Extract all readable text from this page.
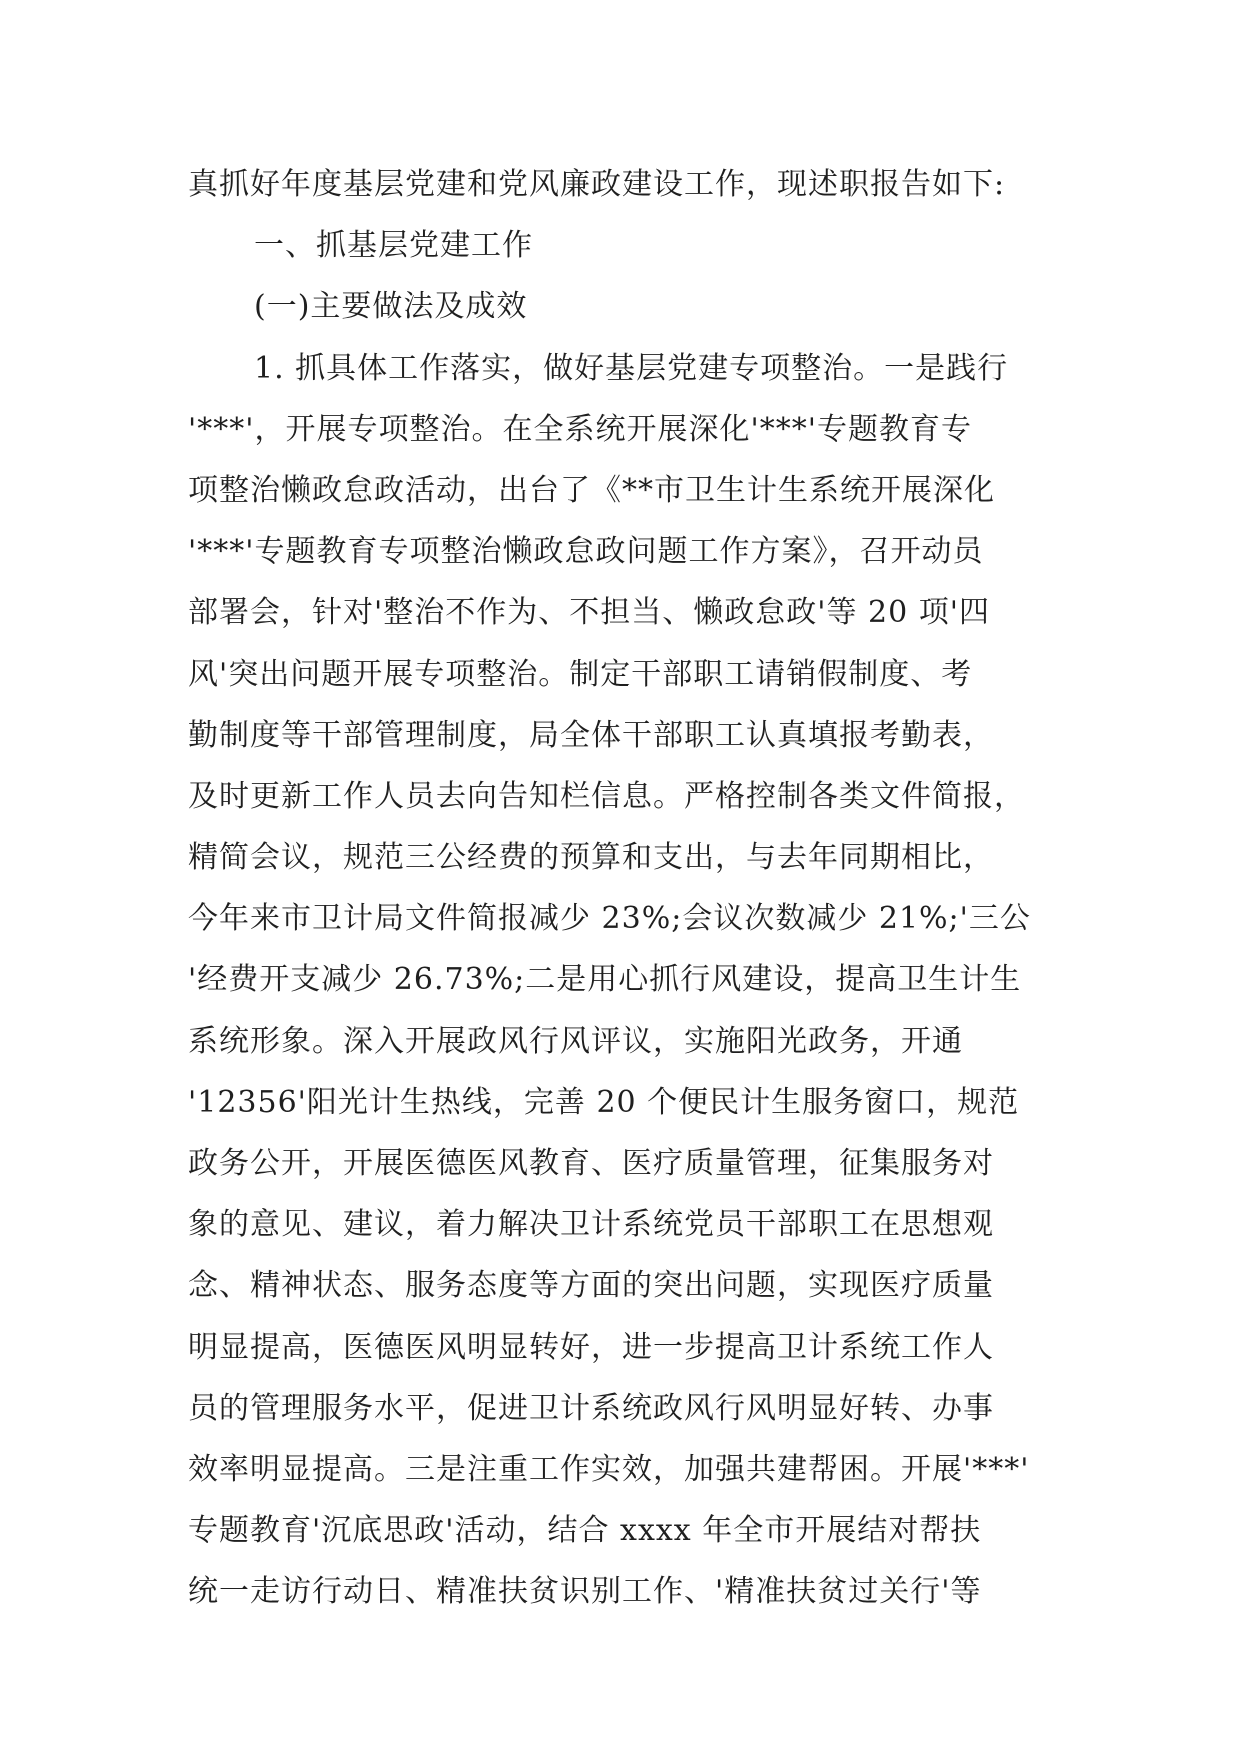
真抓好年度基层党建和党风廉政建设工作，现述职报告如下:
一、抓基层党建工作
(一)主要做法及成效
1. 抓具体工作落实，做好基层党建专项整治。一是践行
'***'，开展专项整治。在全系统开展深化'***'专题教育专
项整治懒政怠政活动，出台了《**市卫生计生系统开展深化
'***'专题教育专项整治懒政怠政问题工作方案》，召开动员
部署会，针对'整治不作为、不担当、懒政怠政'等 20 项'四
风'突出问题开展专项整治。制定干部职工请销假制度、考
勤制度等干部管理制度，局全体干部职工认真填报考勤表，
及时更新工作人员去向告知栏信息。严格控制各类文件简报，
精简会议，规范三公经费的预算和支出，与去年同期相比，
今年来市卫计局文件简报减少 23%;会议次数减少 21%;'三公
'经费开支减少 26.73%;二是用心抓行风建设，提高卫生计生
系统形象。深入开展政风行风评议，实施阳光政务，开通
'12356'阳光计生热线，完善 20 个便民计生服务窗口，规范
政务公开，开展医德医风教育、医疗质量管理，征集服务对
象的意见、建议，着力解决卫计系统党员干部职工在思想观
念、精神状态、服务态度等方面的突出问题，实现医疗质量
明显提高，医德医风明显转好，进一步提高卫计系统工作人
员的管理服务水平，促进卫计系统政风行风明显好转、办事
效率明显提高。三是注重工作实效，加强共建帮困。开展'***'
专题教育'沉底思政'活动，结合 xxxx 年全市开展结对帮扶
统一走访行动日、精准扶贫识别工作、'精准扶贫过关行'等
